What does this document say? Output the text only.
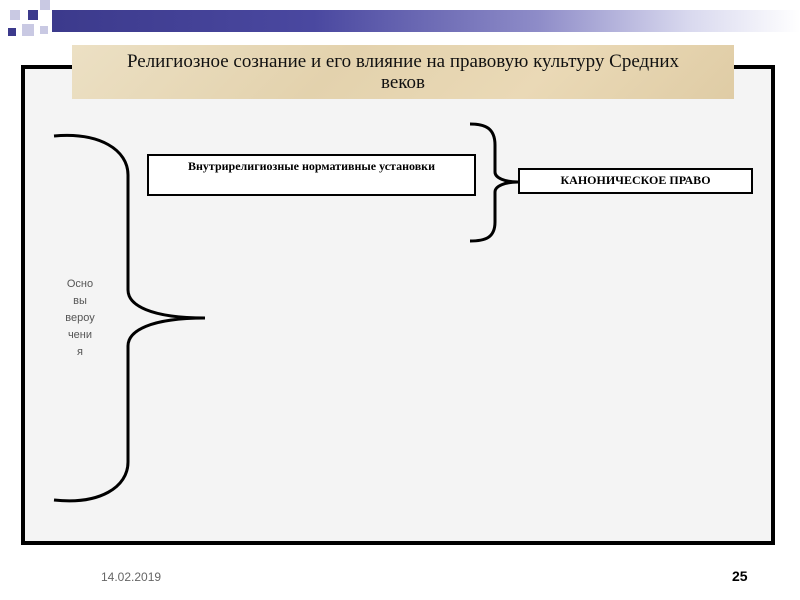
Религиозное сознание и его влияние на правовую культуру Средних веков
Осно
вы
вероу
чени
я
Внутрирелигиозные нормативные установки
КАНОНИЧЕСКОЕ ПРАВО
14.02.2019	25
